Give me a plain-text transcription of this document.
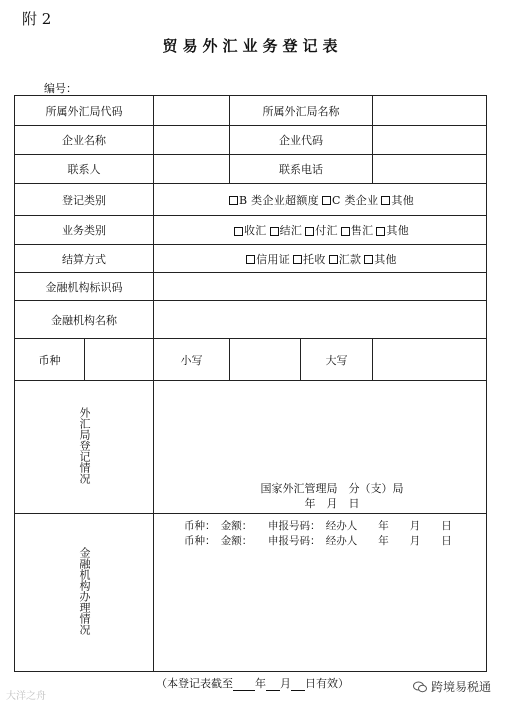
附 2
贸易外汇业务登记表
编号：
所属外汇局代码			所属外汇局名称		
企业名称			企业代码		
联系人			联系电话		
登记类别		B 类企业超额度 C 类企业 其他			
业务类别		收汇 结汇 付汇 售汇 其他			
结算方式		信用证 托收 汇款 其他			
金融机构标识码					
金融机构名称					
币种		小写		大写	
外汇局登记情况		国家外汇管理局　分（支）局
年　月　日			

金融机构办理情况		币种：　金额：　　申报号码：　经办人　　年　　月　　日
币种：　金额：　　申报号码：　经办人　　年　　月　　日			
（本登记表截至 年 月 日有效）
大洋之舟
跨境易税通
